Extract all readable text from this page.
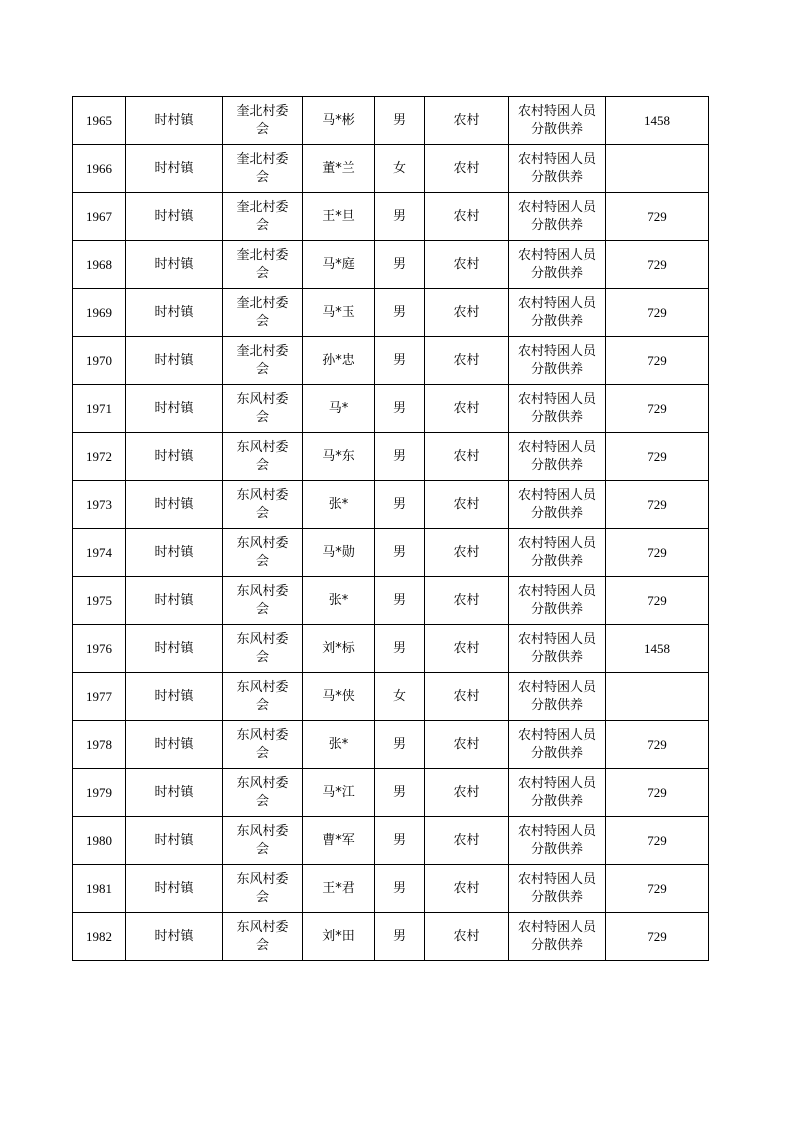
1965	时村镇	奎北村委会	马*彬	男	农村	农村特困人员分散供养	1458
1966	时村镇	奎北村委会	董*兰	女	农村	农村特困人员分散供养	
1967	时村镇	奎北村委会	王*旦	男	农村	农村特困人员分散供养	729
1968	时村镇	奎北村委会	马*庭	男	农村	农村特困人员分散供养	729
1969	时村镇	奎北村委会	马*玉	男	农村	农村特困人员分散供养	729
1970	时村镇	奎北村委会	孙*忠	男	农村	农村特困人员分散供养	729
1971	时村镇	东风村委会	马*	男	农村	农村特困人员分散供养	729
1972	时村镇	东风村委会	马*东	男	农村	农村特困人员分散供养	729
1973	时村镇	东风村委会	张*	男	农村	农村特困人员分散供养	729
1974	时村镇	东风村委会	马*勋	男	农村	农村特困人员分散供养	729
1975	时村镇	东风村委会	张*	男	农村	农村特困人员分散供养	729
1976	时村镇	东风村委会	刘*标	男	农村	农村特困人员分散供养	1458
1977	时村镇	东风村委会	马*侠	女	农村	农村特困人员分散供养	
1978	时村镇	东风村委会	张*	男	农村	农村特困人员分散供养	729
1979	时村镇	东风村委会	马*江	男	农村	农村特困人员分散供养	729
1980	时村镇	东风村委会	曹*军	男	农村	农村特困人员分散供养	729
1981	时村镇	东风村委会	王*君	男	农村	农村特困人员分散供养	729
1982	时村镇	东风村委会	刘*田	男	农村	农村特困人员分散供养	729
